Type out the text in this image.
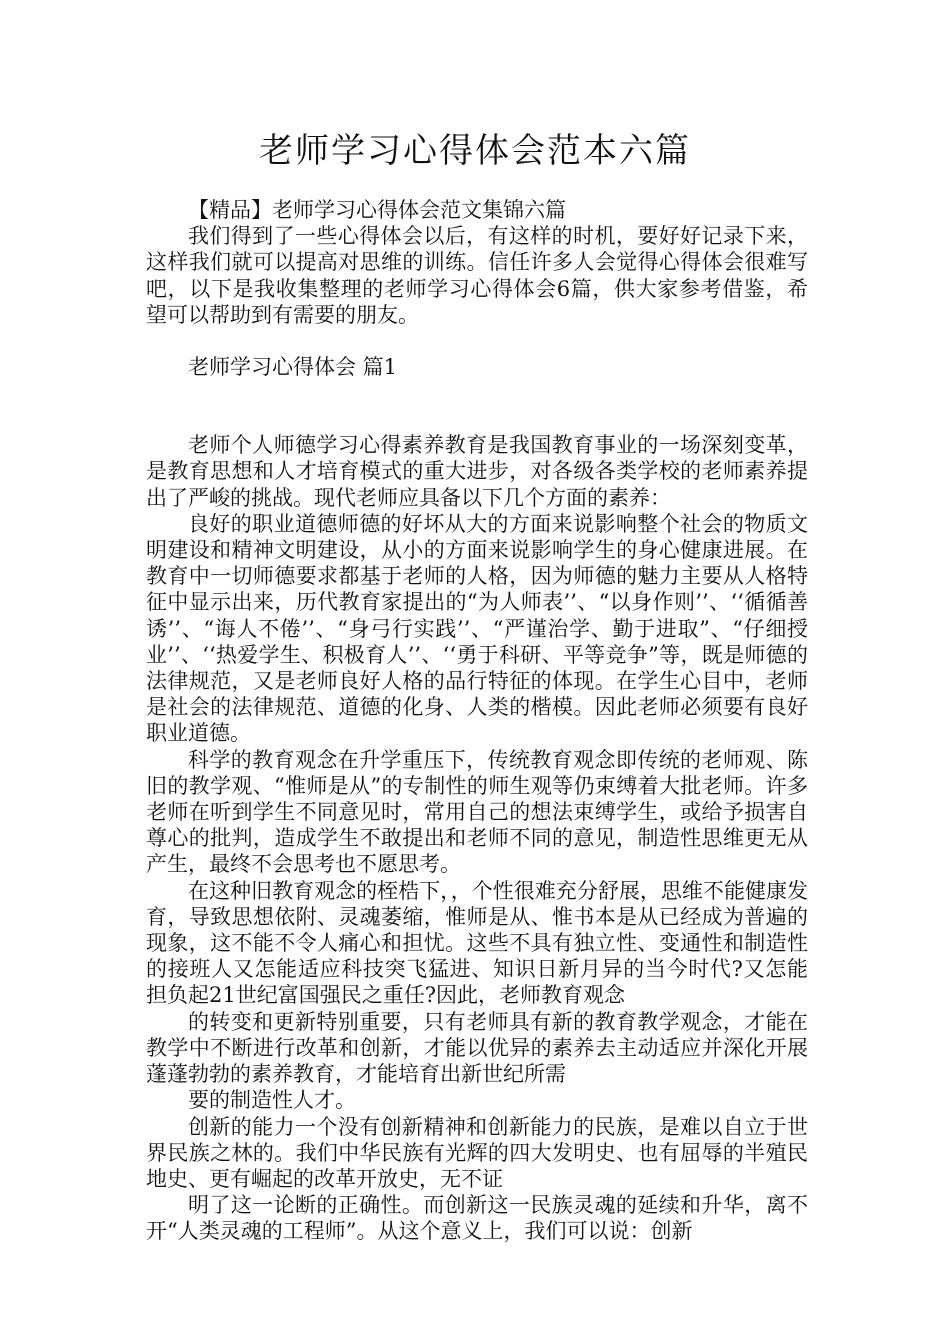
老师学习心得体会范本六篇

【精品】老师学习心得体会范文集锦六篇

我们得到了一些心得体会以后，有这样的时机，要好好记录下来，这样我们就可以提高对思维的训练。信任许多人会觉得心得体会很难写吧，以下是我收集整理的老师学习心得体会6篇，供大家参考借鉴，希望可以帮助到有需要的朋友。

老师学习心得体会 篇1

老师个人师德学习心得素养教育是我国教育事业的一场深刻变革，是教育思想和人才培育模式的重大进步，对各级各类学校的老师素养提出了严峻的挑战。现代老师应具备以下几个方面的素养：

良好的职业道德师德的好坏从大的方面来说影响整个社会的物质文明建设和精神文明建设，从小的方面来说影响学生的身心健康进展。在教育中一切师德要求都基于老师的人格，因为师德的魅力主要从人格特征中显示出来，历代教育家提出的“为人师表’’、“以身作则’’、‘‘循循善诱’’、“诲人不倦’’、“身弓行实践’’、“严谨治学、勤于进取”、“仔细授业’’、‘‘热爱学生、积极育人’’、‘‘勇于科研、平等竞争”等，既是师德的法律规范，又是老师良好人格的品行特征的体现。在学生心目中，老师是社会的法律规范、道德的化身、人类的楷模。因此老师必须要有良好职业道德。

科学的教育观念在升学重压下，传统教育观念即传统的老师观、陈旧的教学观、“惟师是从”的专制性的师生观等仍束缚着大批老师。许多老师在听到学生不同意见时，常用自己的想法束缚学生，或给予损害自尊心的批判，造成学生不敢提出和老师不同的意见，制造性思维更无从产生，最终不会思考也不愿思考。

在这种旧教育观念的桎梏下，，个性很难充分舒展，思维不能健康发育，导致思想依附、灵魂萎缩，惟师是从、惟书本是从已经成为普遍的现象，这不能不令人痛心和担忧。这些不具有独立性、变通性和制造性的接班人又怎能适应科技突飞猛进、知识日新月异的当今时代?又怎能担负起21世纪富国强民之重任?因此，老师教育观念

的转变和更新特别重要，只有老师具有新的教育教学观念，才能在教学中不断进行改革和创新，才能以优异的素养去主动适应并深化开展蓬蓬勃勃的素养教育，才能培育出新世纪所需

要的制造性人才。

创新的能力一个没有创新精神和创新能力的民族，是难以自立于世界民族之林的。我们中华民族有光辉的四大发明史、也有屈辱的半殖民地史、更有崛起的改革开放史，无不证

明了这一论断的正确性。而创新这一民族灵魂的延续和升华，离不开“人类灵魂的工程师”。从这个意义上，我们可以说：创新
